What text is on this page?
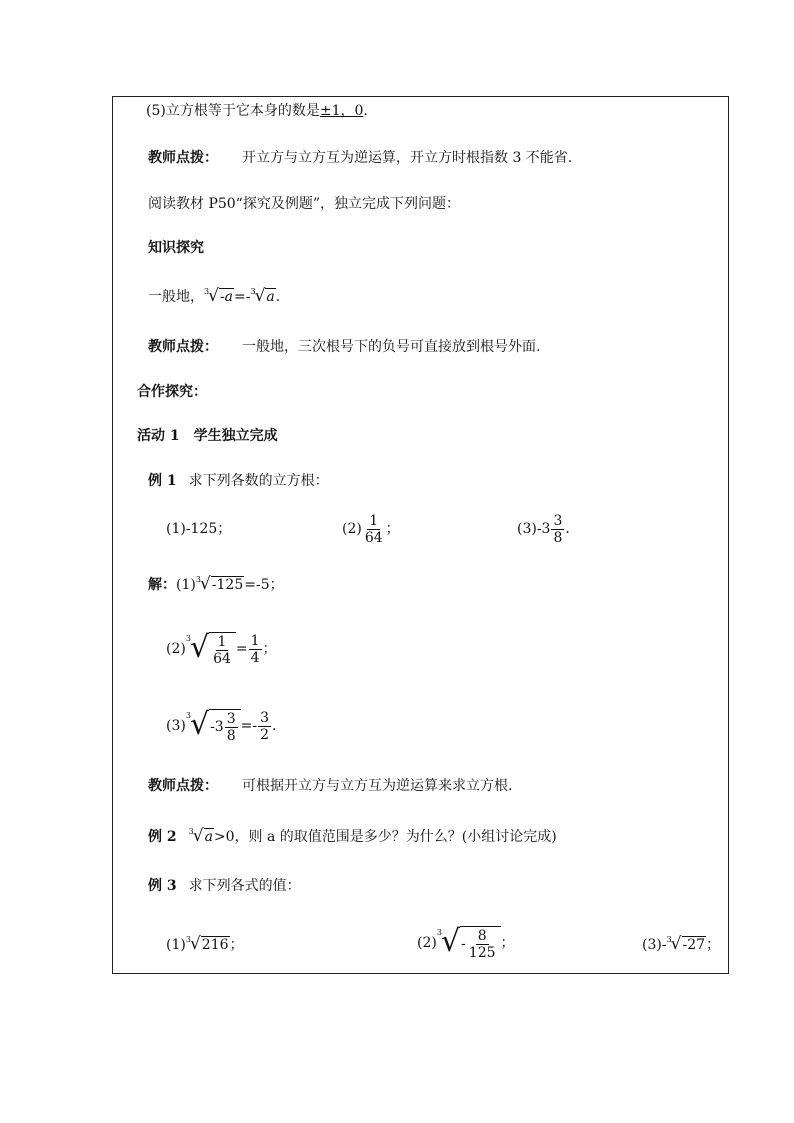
(5)立方根等于它本身的数是±1，0.
教师点拨： 开立方与立方互为逆运算，开立方时根指数 3 不能省.
阅读教材 P50“探究及例题”，独立完成下列问题：
知识探究
一般地，$^3$√-a=-$^3$√a.
教师点拨： 一般地，三次根号下的负号可直接放到根号外面.
合作探究：
活动 1 学生独立完成
例 1 求下列各数的立方根：
(1)-125；	$(2) \frac{1}{64}$ ；	$(3)-3 \frac{3}{8}$ .
解：$(1)^3√-125=-5$；
(2)
3 √ $\frac{1}{64} = \frac{1}{4}$ ；
(3)
3 √ $-3 \frac{3}{8} =- \frac{3}{2}$ .
教师点拨： 可根据开立方与立方互为逆运算来求立方根.
例 2 $^3$√a>0，则 a 的取值范围是多少？为什么？(小组讨论完成)
例 3 求下列各式的值：
$(1)^3√216$；	(2)
3 √ - $\frac{8}{125}$ ；	(3)-$^3$√-27；
